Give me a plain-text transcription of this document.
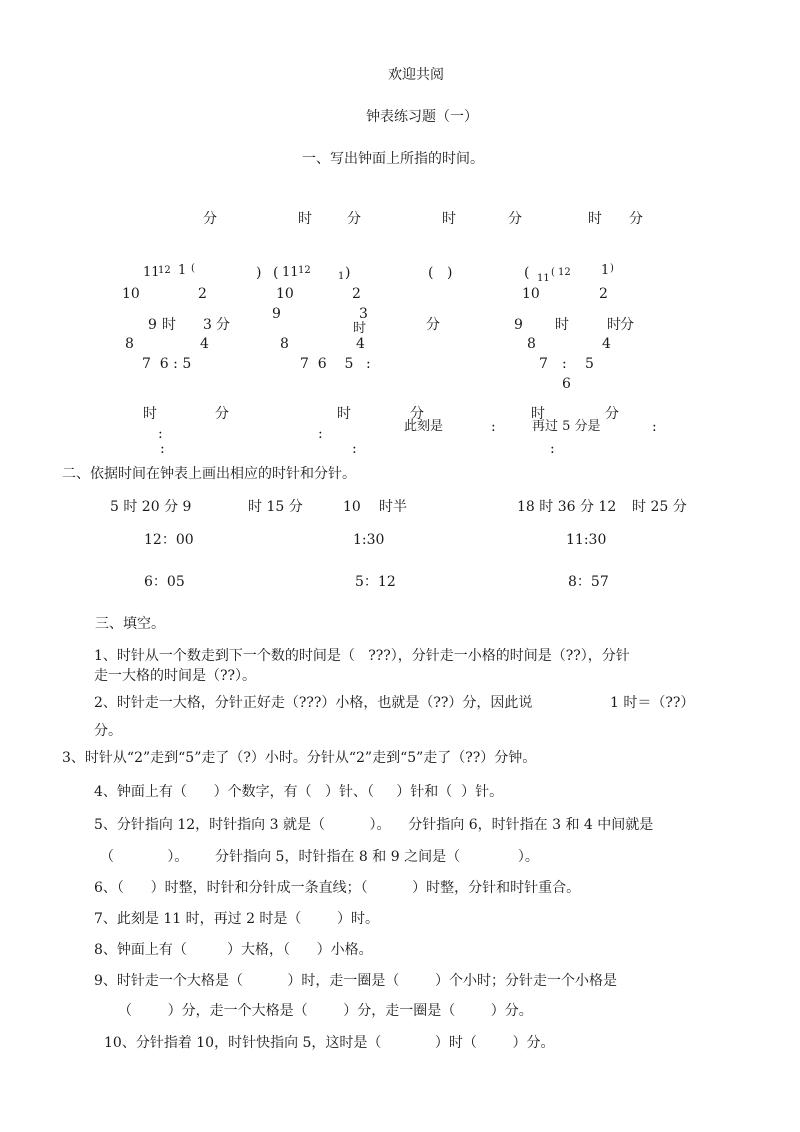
欢迎共阅
钟表练习题（一）
一、写出钟面上所指的时间。
分	时	分	时	分	时 分
11
12 1 (	) ( 11 12
1 )	( )	( 11
( 12 1 )
10	2	10	2	10	2
9	3
9 时 3 分	时	分	9 时	时 分
8	4	8	4	8	4
7  6 : 5	7  6    5 :	7 : 5
6
时	分	时	分	时	分
此刻是	再过 5 分是
:	:
:	:
:	:	:
二、依据时间在钟表上画出相应的时针和分针。
5 时 20 分 9	时 15 分	10 时半	18 时 36 分 12 时 25 分
12：00	1:30	11:30
6：05	5：12	8：57
三、填空。
1、时针从一个数走到下一个数的时间是（   ???），分针走一小格的时间是（??），分针
走一大格的时间是（??）。
2、时针走一大格，分针正好走（???）小格，也就是（??）分，因此说	1 时＝（??）
分。
3、时针从“2”走到“5”走了（?）小时。分针从“2”走到“5”走了（??）分钟。
4、钟面上有（      ）个数字，有（   ）针、（     ）针和（  ）针。
5、分针指向 12，时针指向 3 就是（          ）。    分针指向 6，时针指在 3 和 4 中间就是
（            ）。      分针指向 5，时针指在 8 和 9 之间是（             ）。
6、（      ）时整，时针和分针成一条直线；（          ）时整，分针和时针重合。
7、此刻是 11 时，再过 2 时是（        ）时。
8、钟面上有（         ）大格，（      ）小格。
9、时针走一个大格是（          ）时，走一圈是（        ）个小时；分针走一个小格是
（        ）分，走一个大格是（        ）分，走一圈是（        ）分。
10、分针指着 10，时针快指向 5，这时是（            ）时（        ）分。
